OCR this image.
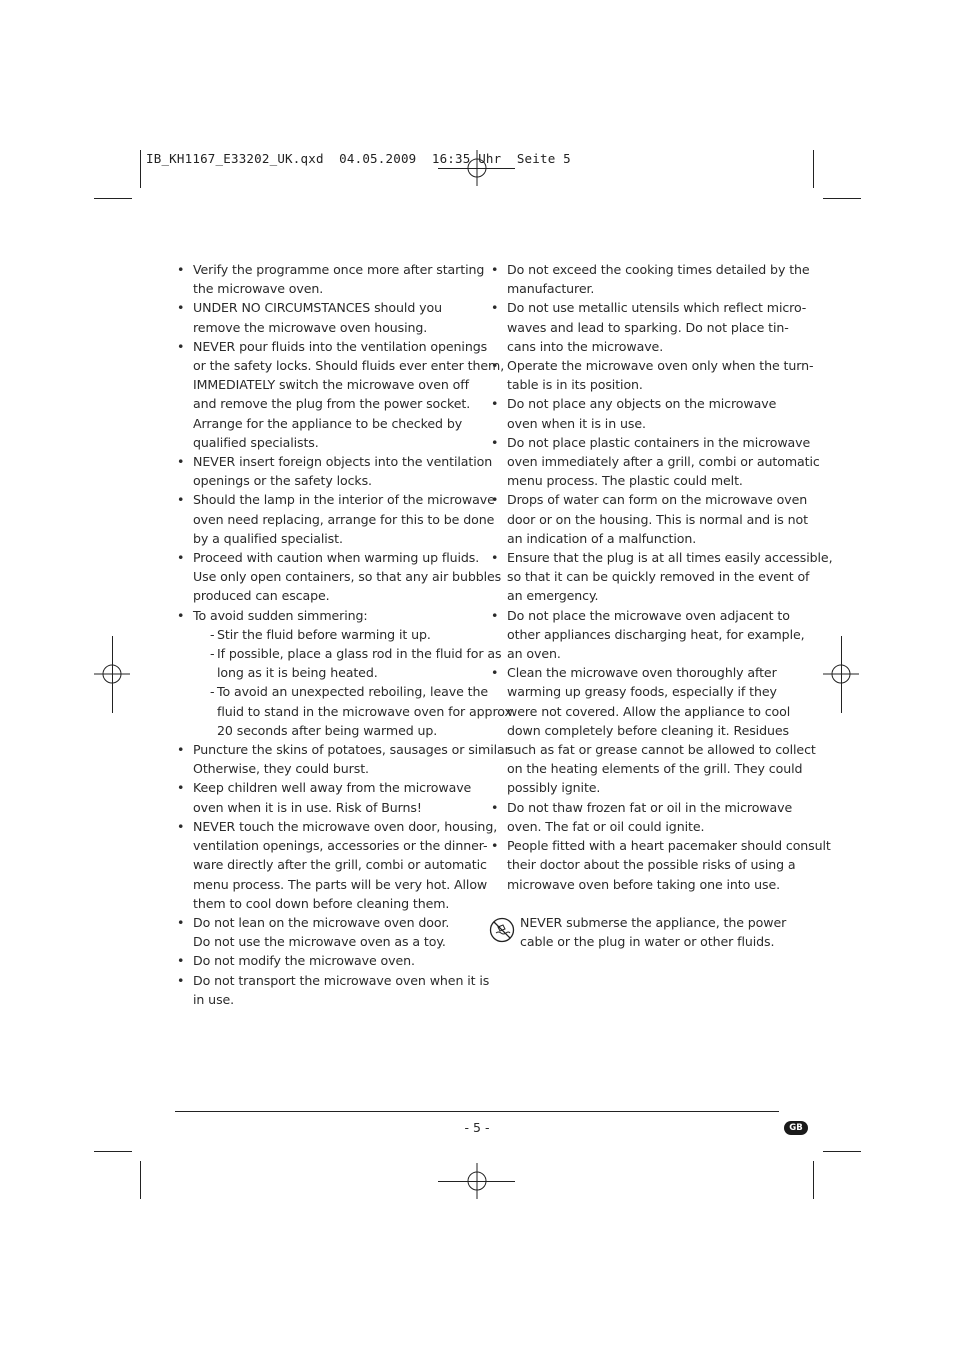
IB_KH1167_E33202_UK.qxd  04.05.2009  16:35 Uhr  Seite 5
• Verify the programme once more after starting
the microwave oven.
• UNDER NO CIRCUMSTANCES should you
remove the microwave oven housing.
• NEVER pour fluids into the ventilation openings
or the safety locks. Should fluids ever enter them,
IMMEDIATELY switch the microwave oven off
and remove the plug from the power socket.
Arrange for the appliance to be checked by
qualified specialists.
• NEVER insert foreign objects into the ventilation
openings or the safety locks.
• Should the lamp in the interior of the microwave
oven need replacing, arrange for this to be done
by a qualified specialist.
• Proceed with caution when warming up fluids.
Use only open containers, so that any air bubbles
produced can escape.
• To avoid sudden simmering:
- Stir the fluid before warming it up.
- If possible, place a glass rod in the fluid for as
long as it is being heated.
- To avoid an unexpected reboiling, leave the
fluid to stand in the microwave oven for approx.
20 seconds after being warmed up.
• Puncture the skins of potatoes, sausages or similar.
Otherwise, they could burst.
• Keep children well away from the microwave
oven when it is in use. Risk of Burns!
• NEVER touch the microwave oven door, housing,
ventilation openings, accessories or the dinner-
ware directly after the grill, combi or automatic
menu process. The parts will be very hot. Allow
them to cool down before cleaning them.
• Do not lean on the microwave oven door.
Do not use the microwave oven as a toy.
• Do not modify the microwave oven.
• Do not transport the microwave oven when it is
in use.
• Do not exceed the cooking times detailed by the
manufacturer.
• Do not use metallic utensils which reflect micro-
waves and lead to sparking. Do not place tin-
cans into the microwave.
• Operate the microwave oven only when the turn-
table is in its position.
• Do not place any objects on the microwave
oven when it is in use.
• Do not place plastic containers in the microwave
oven immediately after a grill, combi or automatic
menu process. The plastic could melt.
• Drops of water can form on the microwave oven
door or on the housing. This is normal and is not
an indication of a malfunction.
• Ensure that the plug is at all times easily accessible,
so that it can be quickly removed in the event of
an emergency.
• Do not place the microwave oven adjacent to
other appliances discharging heat, for example,
an oven.
• Clean the microwave oven thoroughly after
warming up greasy foods, especially if they
were not covered. Allow the appliance to cool
down completely before cleaning it. Residues
such as fat or grease cannot be allowed to collect
on the heating elements of the grill. They could
possibly ignite.
• Do not thaw frozen fat or oil in the microwave
oven. The fat or oil could ignite.
• People fitted with a heart pacemaker should consult
their doctor about the possible risks of using a
microwave oven before taking one into use.
NEVER submerse the appliance, the power
cable or the plug in water or other fluids.
- 5 -	GB
